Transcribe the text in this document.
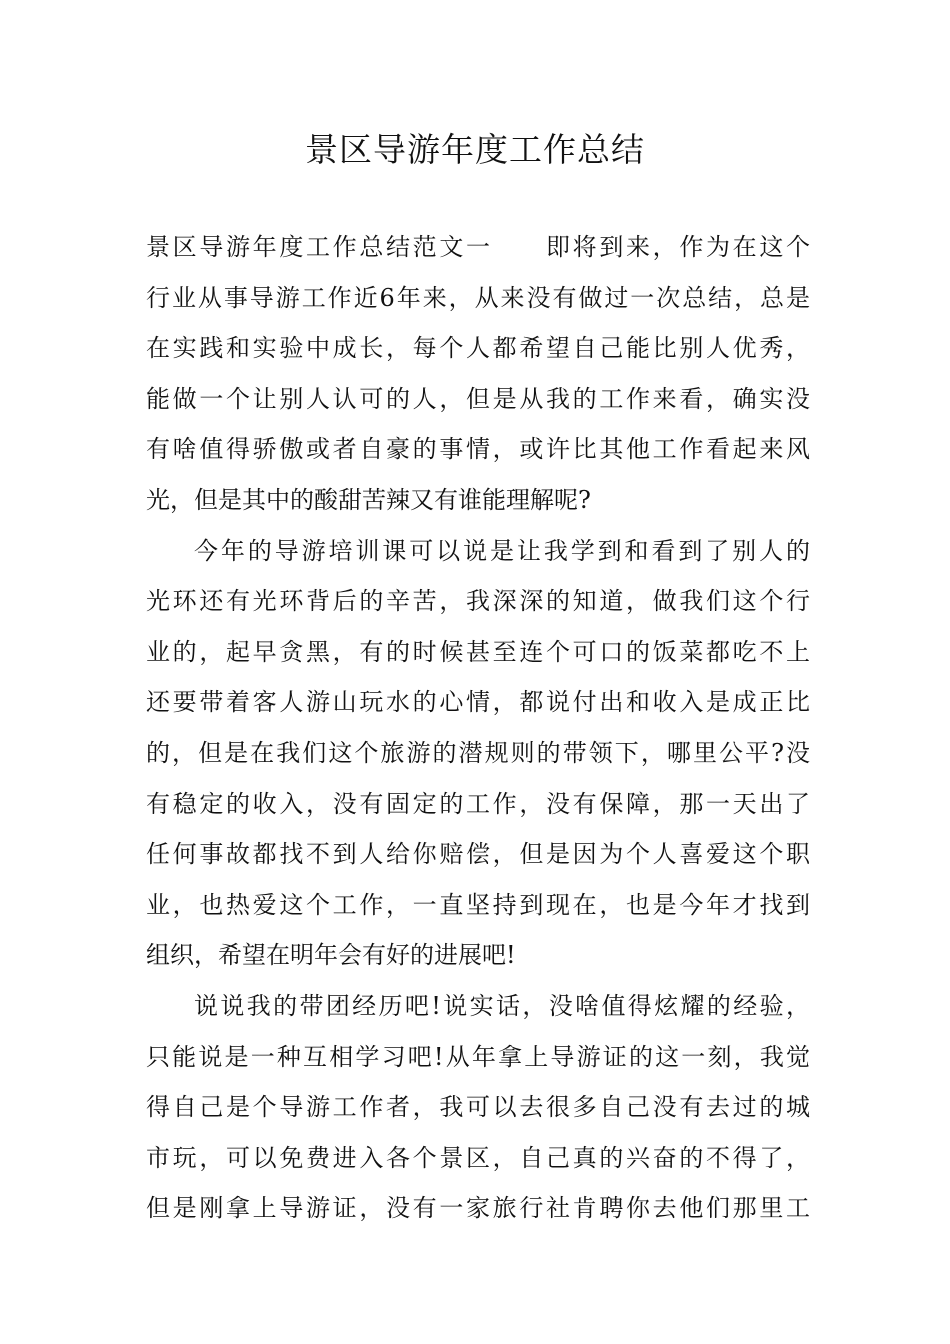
景区导游年度工作总结

景区导游年度工作总结范文一　　即将到来，作为在这个
行业从事导游工作近6年来，从来没有做过一次总结，总是
在实践和实验中成长，每个人都希望自己能比别人优秀，
能做一个让别人认可的人，但是从我的工作来看，确实没
有啥值得骄傲或者自豪的事情，或许比其他工作看起来风
光，但是其中的酸甜苦辣又有谁能理解呢?

今年的导游培训课可以说是让我学到和看到了别人的
光环还有光环背后的辛苦，我深深的知道，做我们这个行
业的，起早贪黑，有的时候甚至连个可口的饭菜都吃不上
还要带着客人游山玩水的心情，都说付出和收入是成正比
的，但是在我们这个旅游的潜规则的带领下，哪里公平?没
有稳定的收入，没有固定的工作，没有保障，那一天出了
任何事故都找不到人给你赔偿，但是因为个人喜爱这个职
业，也热爱这个工作，一直坚持到现在，也是今年才找到
组织，希望在明年会有好的进展吧!

说说我的带团经历吧!说实话，没啥值得炫耀的经验，
只能说是一种互相学习吧!从年拿上导游证的这一刻，我觉
得自己是个导游工作者，我可以去很多自己没有去过的城
市玩，可以免费进入各个景区，自己真的兴奋的不得了，
但是刚拿上导游证，没有一家旅行社肯聘你去他们那里工
